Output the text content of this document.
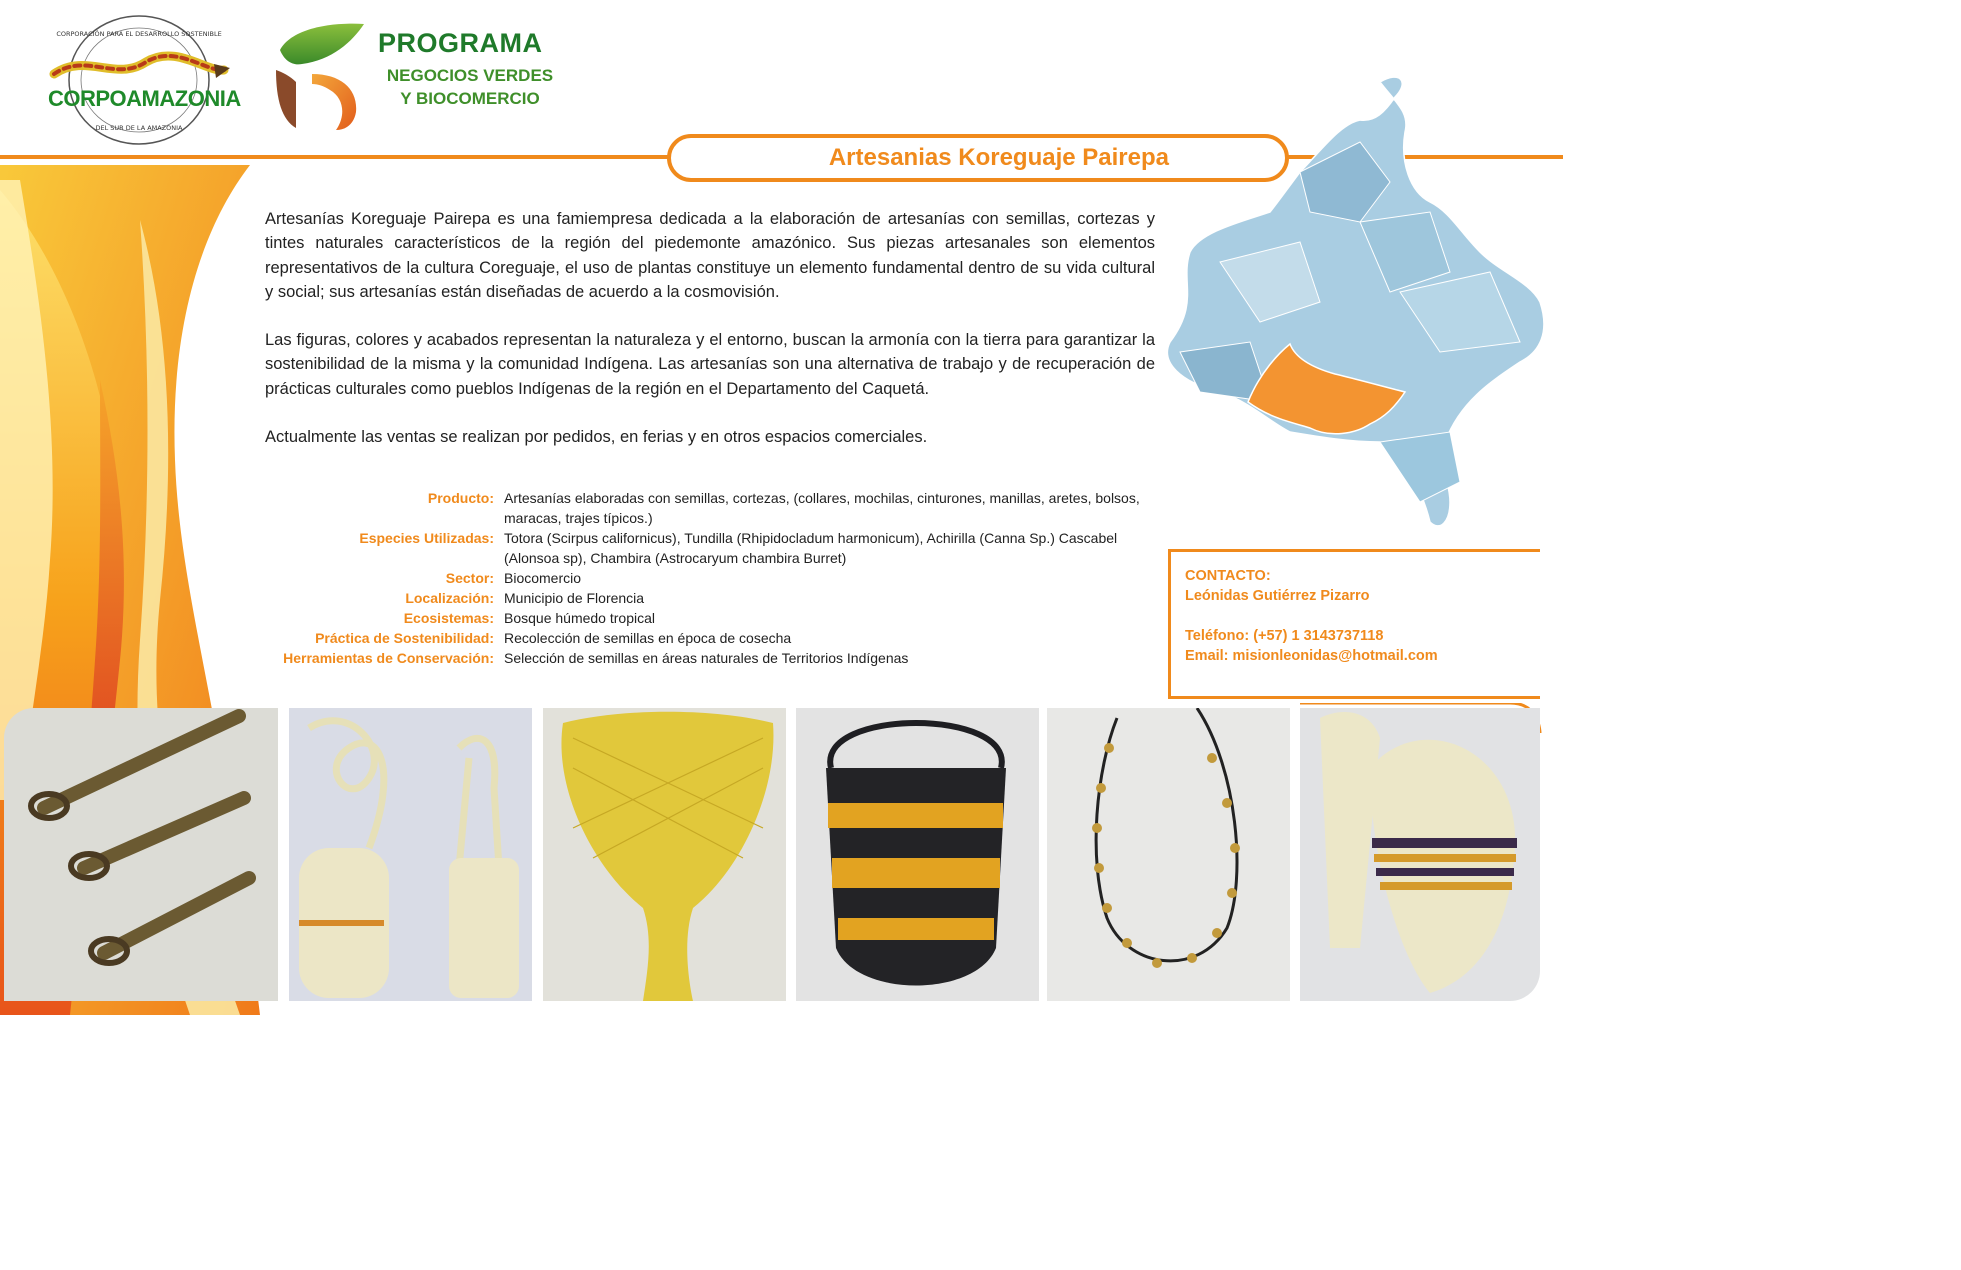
CORPORACIÓN PARA EL DESARROLLO SOSTENIBLE
DEL SUR DE LA AMAZONIA
CORPOAMAZONIA
PROGRAMA
NEGOCIOS VERDES
Y BIOCOMERCIO
Artesanias Koreguaje Pairepa

Artesanías Koreguaje Pairepa es una famiempresa dedicada a la elaboración de artesanías con semillas, cortezas y tintes naturales característicos de la región del piedemonte amazónico. Sus piezas artesanales son elementos representativos de la cultura Coreguaje, el uso de plantas constituye un elemento fundamental dentro de su vida cultural y social; sus artesanías están diseñadas de acuerdo a la cosmovisión.

Las figuras, colores y acabados representan la naturaleza y el entorno, buscan la armonía con la tierra para garantizar la sostenibilidad de la misma y la comunidad Indígena. Las artesanías son una alternativa de trabajo y de recuperación de prácticas culturales como pueblos Indígenas de la región en el Departamento del Caquetá.

Actualmente las ventas se realizan por pedidos, en ferias y en otros espacios comerciales.

Producto: Artesanías elaboradas con semillas, cortezas, (collares, mochilas, cinturones, manillas, aretes, bolsos, maracas, trajes típicos.)
Especies Utilizadas: Totora (Scirpus californicus), Tundilla (Rhipidocladum harmonicum), Achirilla (Canna Sp.) Cascabel (Alonsoa sp), Chambira (Astrocaryum chambira Burret)
Sector: Biocomercio
Localización: Municipio de Florencia
Ecosistemas: Bosque húmedo tropical
Práctica de Sostenibilidad: Recolección de semillas en época de cosecha
Herramientas de Conservación: Selección de semillas en áreas naturales de Territorios Indígenas
CONTACTO:
Leónidas Gutiérrez Pizarro
Teléfono: (+57) 1 3143737118
Email: misionleonidas@hotmail.com
